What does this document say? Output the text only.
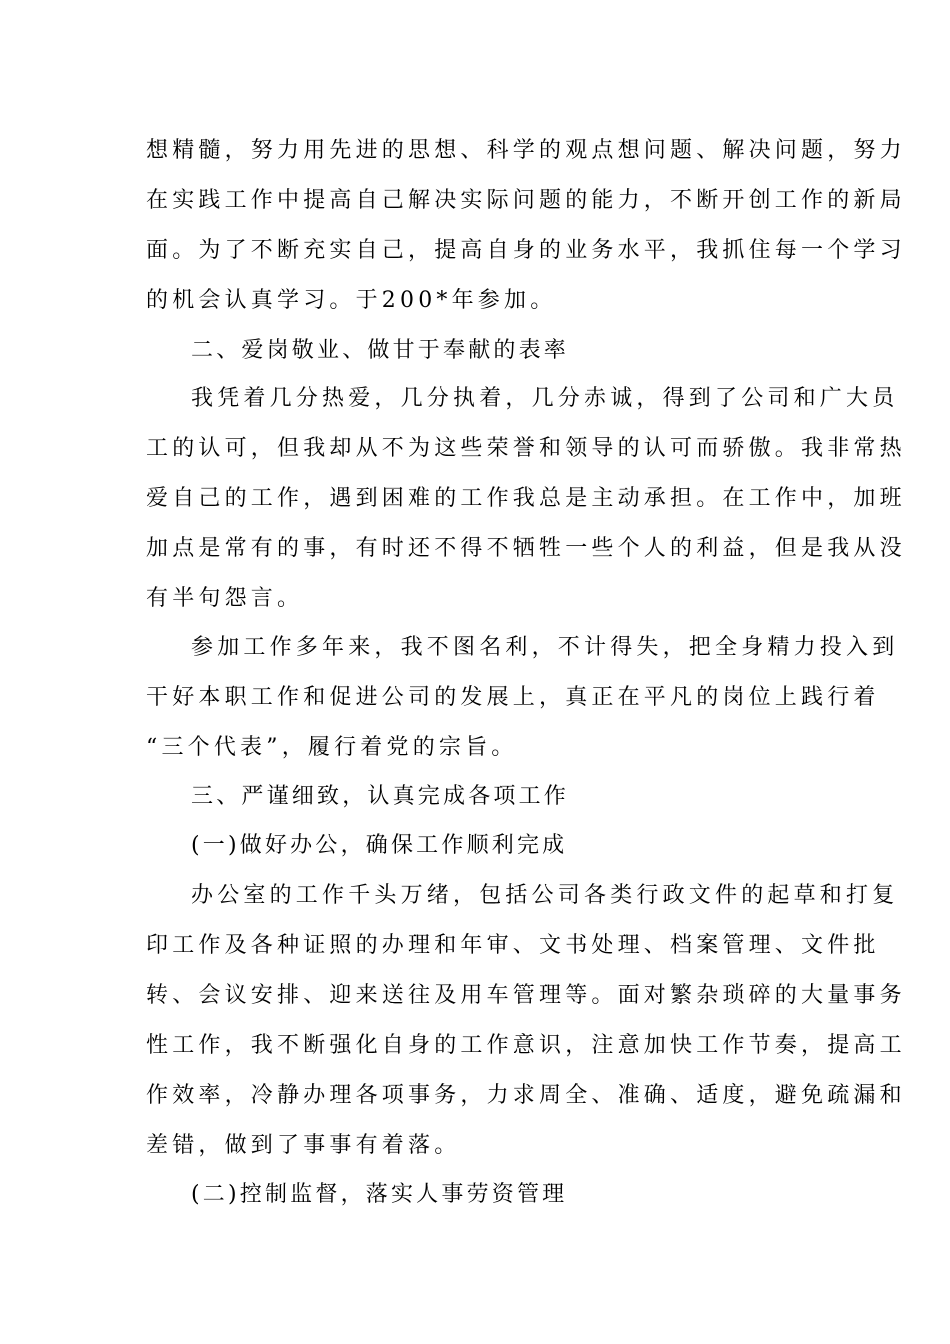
想精髓，努力用先进的思想、科学的观点想问题、解决问题，努力
在实践工作中提高自己解决实际问题的能力，不断开创工作的新局
面。为了不断充实自己，提高自身的业务水平，我抓住每一个学习
的机会认真学习。于200*年参加。
二、爱岗敬业、做甘于奉献的表率
我凭着几分热爱，几分执着，几分赤诚，得到了公司和广大员
工的认可，但我却从不为这些荣誉和领导的认可而骄傲。我非常热
爱自己的工作，遇到困难的工作我总是主动承担。在工作中，加班
加点是常有的事，有时还不得不牺牲一些个人的利益，但是我从没
有半句怨言。
参加工作多年来，我不图名利，不计得失，把全身精力投入到
干好本职工作和促进公司的发展上，真正在平凡的岗位上践行着
“三个代表”，履行着党的宗旨。
三、严谨细致，认真完成各项工作
(一)做好办公，确保工作顺利完成
办公室的工作千头万绪，包括公司各类行政文件的起草和打复
印工作及各种证照的办理和年审、文书处理、档案管理、文件批
转、会议安排、迎来送往及用车管理等。面对繁杂琐碎的大量事务
性工作，我不断强化自身的工作意识，注意加快工作节奏，提高工
作效率，冷静办理各项事务，力求周全、准确、适度，避免疏漏和
差错，做到了事事有着落。
(二)控制监督，落实人事劳资管理
